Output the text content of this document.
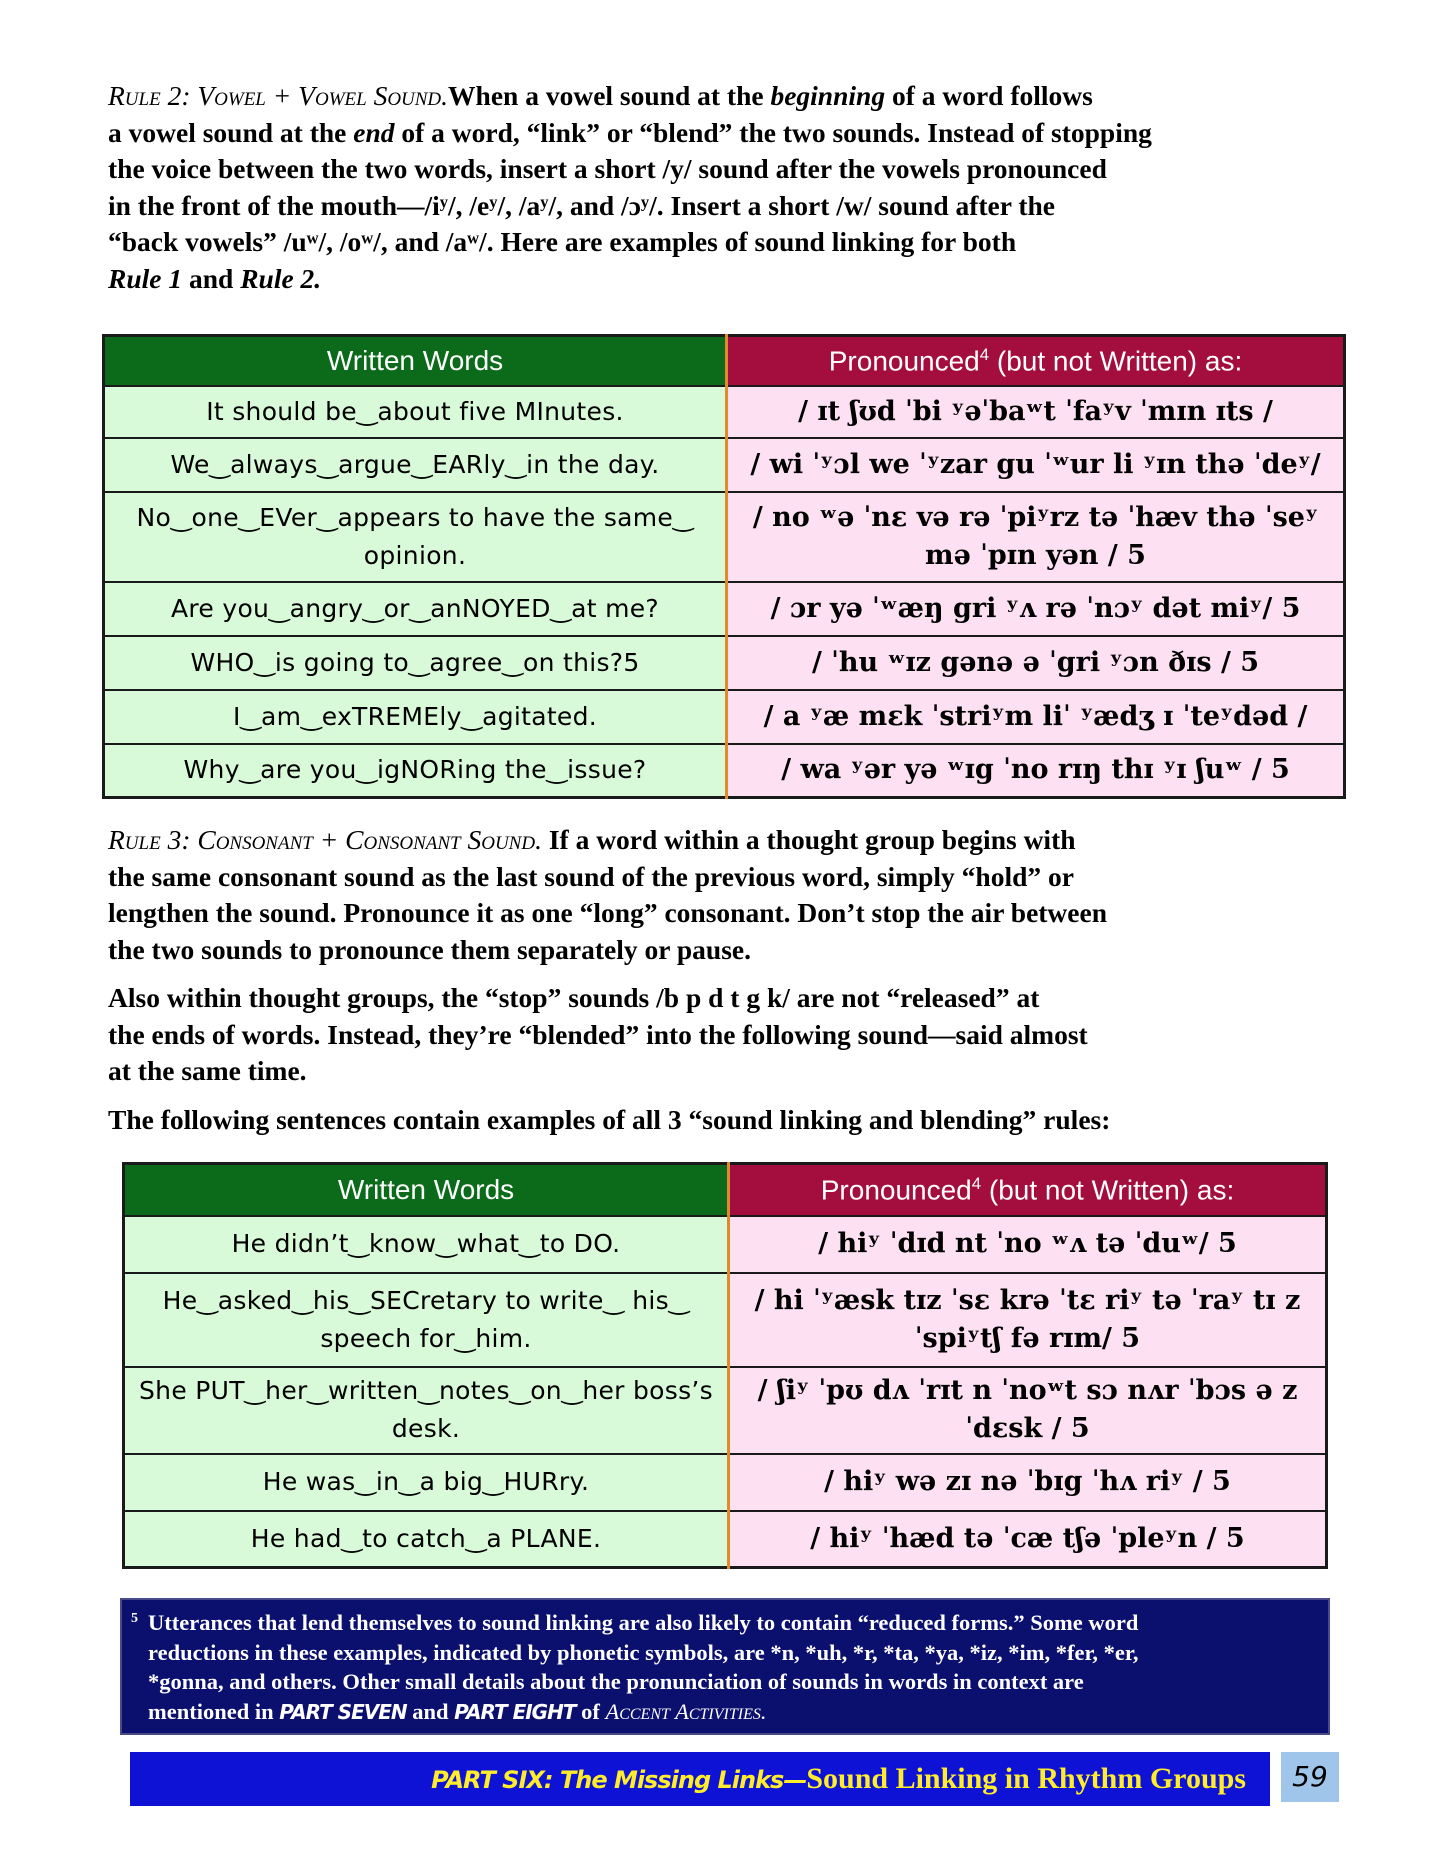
Rule 2: Vowel + Vowel Sound.When a vowel sound at the beginning of a word follows
a vowel sound at the end of a word, “link” or “blend” the two sounds. Instead of stopping
the voice between the two words, insert a short /y/ sound after the vowels pronounced
in the front of the mouth—/iʸ/, /eʸ/, /aʸ/, and /ɔʸ/. Insert a short /w/ sound after the
“back vowels” /uʷ/, /oʷ/, and /aʷ/. Here are examples of sound linking for both
Rule 1 and Rule 2.
Written Words	Pronounced$^4$ (but not Written) as:
It should be‿about five MInutes.	/ ɪt ʃʊd ˈbi ʸəˈbaʷt ˈfaʸv ˈmɪn ɪts /
We‿always‿argue‿EARly‿in the day.	/ wi ˈʸɔl we ˈʸzar gu ˈʷur li ʸɪn thə ˈdeʸ/
No‿one‿EVer‿appears to have the same‿ opinion.	/ no ʷə ˈnɛ və rə ˈpiʸrz tə ˈhæv thə ˈseʸ mə ˈpɪn yən / 5
Are you‿angry‿or‿anNOYED‿at me?	/ ɔr yə ˈʷæŋ gri ʸʌ rə ˈnɔʸ dət miʸ/ 5
WHO‿is going to‿agree‿on this?5	/ ˈhu ʷɪz gənə ə ˈgri ʸɔn ðɪs / 5
I‿am‿exTREMEly‿agitated.	/ a ʸæ mɛk ˈstriʸm liˈ ʸædʒ ɪ ˈteʸdəd /
Why‿are you‿igNORing the‿issue?	/ wa ʸər yə ʷɪg ˈno rɪŋ thɪ ʸɪ ʃuʷ / 5
Rule 3: Consonant + Consonant Sound. If a word within a thought group begins with
the same consonant sound as the last sound of the previous word, simply “hold” or
lengthen the sound. Pronounce it as one “long” consonant. Don’t stop the air between
the two sounds to pronounce them separately or pause.
Also within thought groups, the “stop” sounds /b p d t g k/ are not “released” at
the ends of words. Instead, they’re “blended” into the following sound—said almost
at the same time.
The following sentences contain examples of all 3 “sound linking and blending” rules:
Written Words	Pronounced$^4$ (but not Written) as:
He didn’t‿know‿what‿to DO.	/ hiʸ ˈdɪd nt ˈno ʷʌ tə ˈduʷ/ 5
He‿asked‿his‿SECretary to write‿ his‿ speech for‿him.	/ hi ˈʸæsk tɪz ˈsɛ krə ˈtɛ riʸ tə ˈraʸ tɪ z ˈspiʸtʃ fə rɪm/ 5
She PUT‿her‿written‿notes‿on‿her boss’s desk.	/ ʃiʸ ˈpʊ dʌ ˈrɪt n ˈnoʷt sɔ nʌr ˈbɔs ə z ˈdɛsk / 5
He was‿in‿a big‿HURry.	/ hiʸ wə zɪ nə ˈbɪg ˈhʌ riʸ / 5
He had‿to catch‿a PLANE.	/ hiʸ ˈhæd tə ˈcæ tʃə ˈpleʸn / 5
5 Utterances that lend themselves to sound linking are also likely to contain “reduced forms.” Some word
reductions in these examples, indicated by phonetic symbols, are *n, *uh, *r, *ta, *ya, *iz, *im, *fer, *er,
*gonna, and others. Other small details about the pronunciation of sounds in words in context are
mentioned in PART SEVEN and PART EIGHT of Accent Activities.
PART SIX: The Missing Links—Sound Linking in Rhythm Groups	59
